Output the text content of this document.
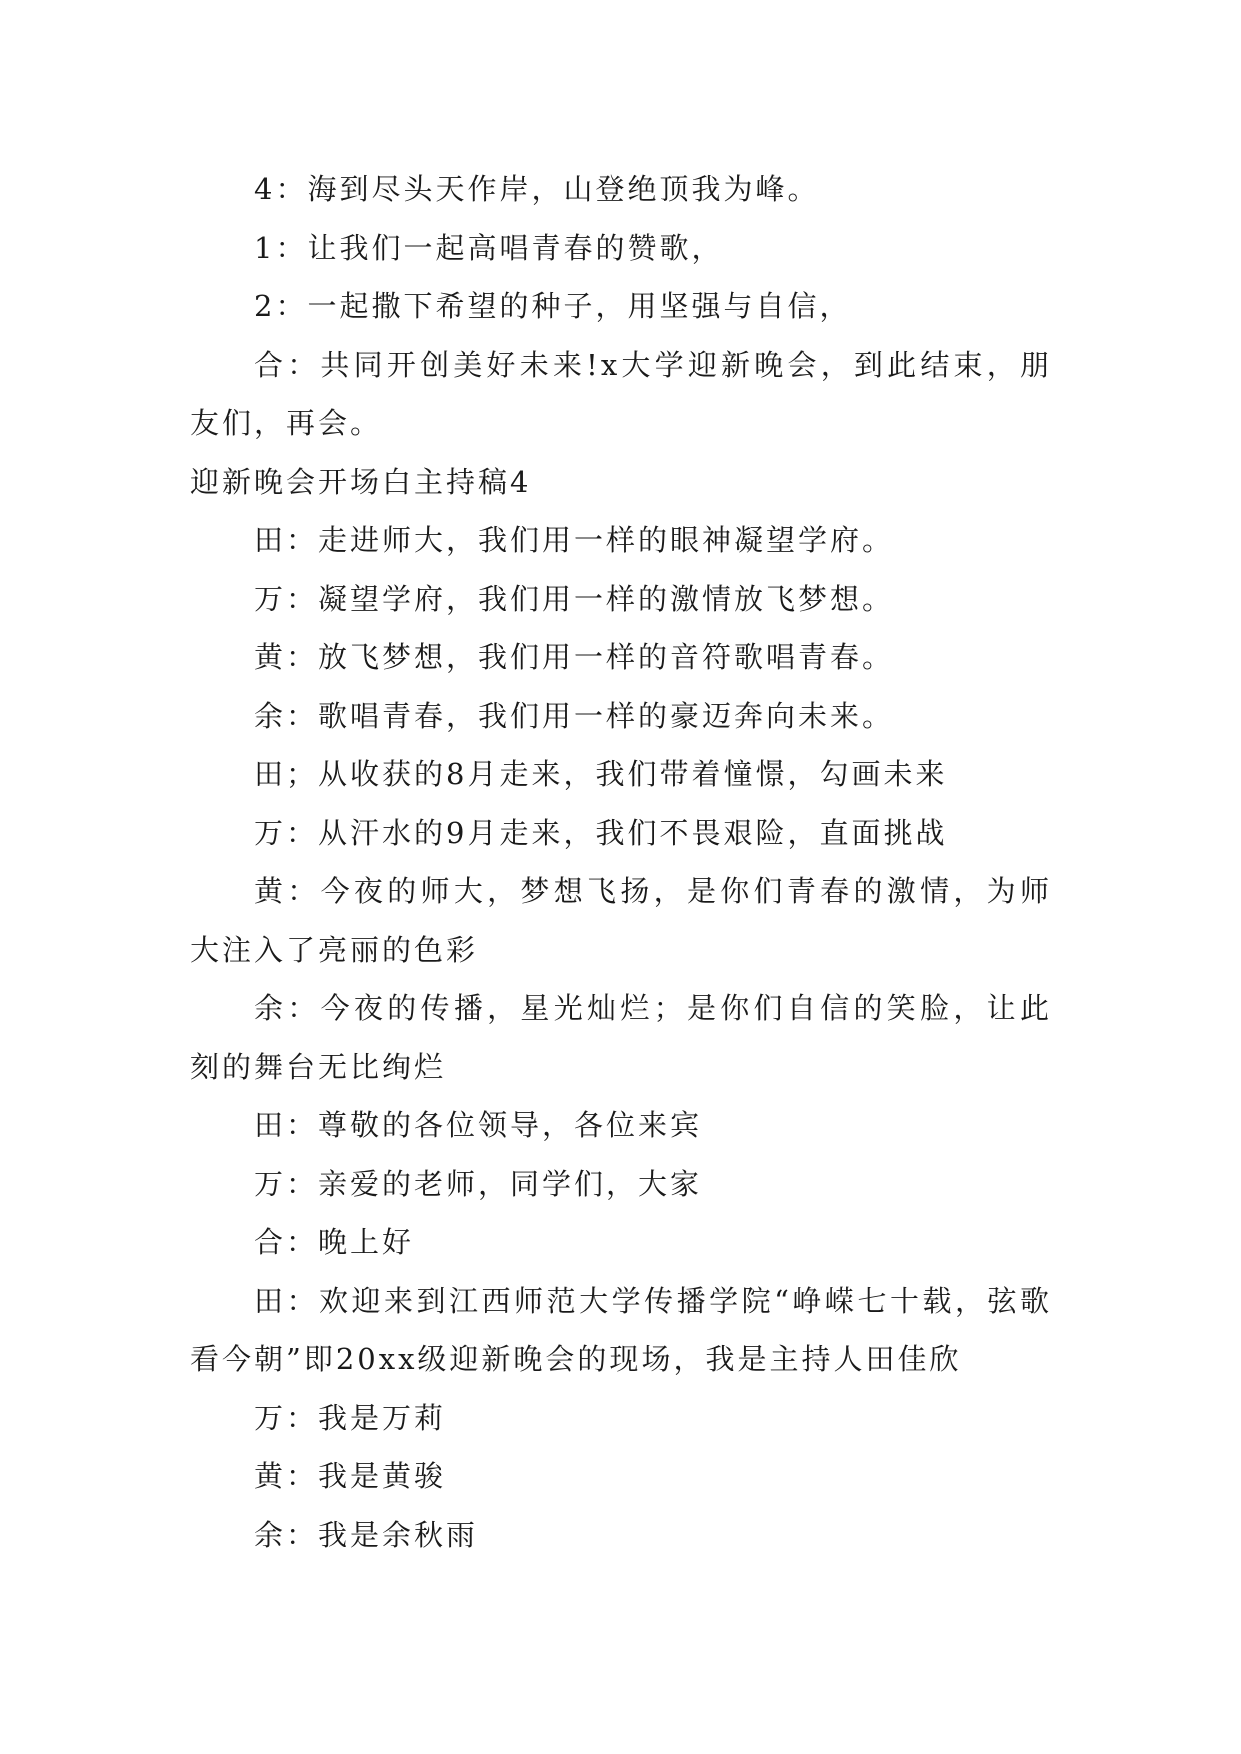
4：海到尽头天作岸，山登绝顶我为峰。

1：让我们一起高唱青春的赞歌，

2：一起撒下希望的种子，用坚强与自信，

合：共同开创美好未来!x大学迎新晚会，到此结束，朋友们，再会。

迎新晚会开场白主持稿4

田：走进师大，我们用一样的眼神凝望学府。

万：凝望学府，我们用一样的激情放飞梦想。

黄：放飞梦想，我们用一样的音符歌唱青春。

余：歌唱青春，我们用一样的豪迈奔向未来。

田；从收获的8月走来，我们带着憧憬，勾画未来

万：从汗水的9月走来，我们不畏艰险，直面挑战

黄：今夜的师大，梦想飞扬，是你们青春的激情，为师大注入了亮丽的色彩

余：今夜的传播，星光灿烂；是你们自信的笑脸，让此刻的舞台无比绚烂

田：尊敬的各位领导，各位来宾

万：亲爱的老师，同学们，大家

合：晚上好

田：欢迎来到江西师范大学传播学院“峥嵘七十载，弦歌看今朝”即20xx级迎新晚会的现场，我是主持人田佳欣

万：我是万莉

黄：我是黄骏

余：我是余秋雨
